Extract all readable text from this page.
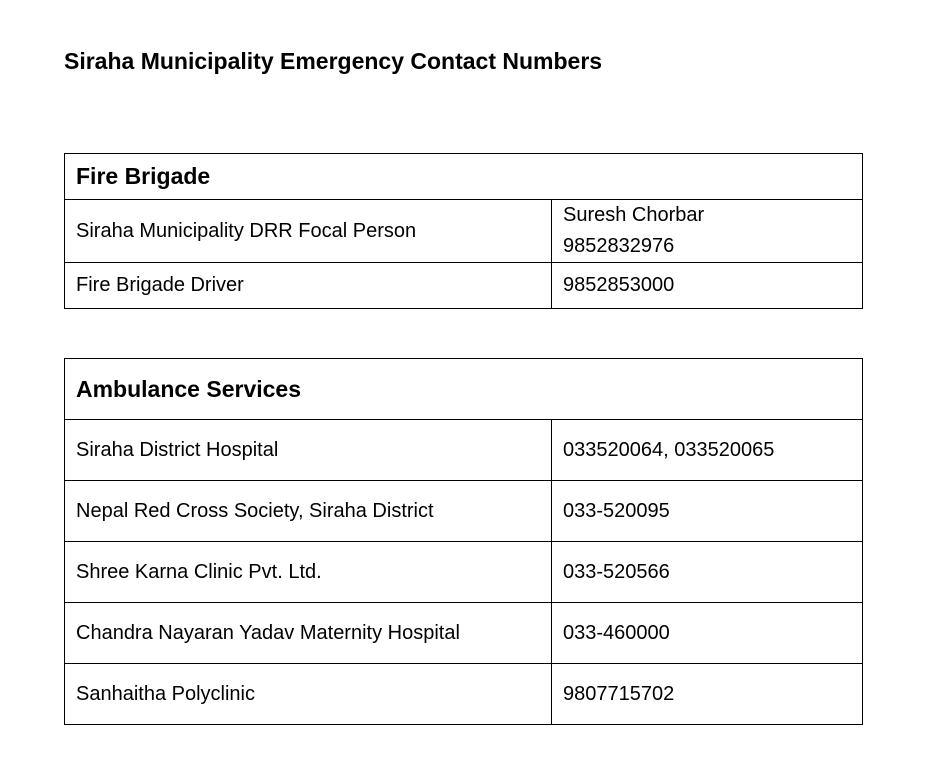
Siraha Municipality Emergency Contact Numbers
Fire Brigade	
Siraha Municipality DRR Focal Person	Suresh Chorbar
9852832976

Fire Brigade Driver	9852853000
Ambulance Services	
Siraha District Hospital	033520064, 033520065
Nepal Red Cross Society, Siraha District	033-520095
Shree Karna Clinic Pvt. Ltd.	033-520566
Chandra Nayaran Yadav Maternity Hospital	033-460000
Sanhaitha Polyclinic	9807715702
